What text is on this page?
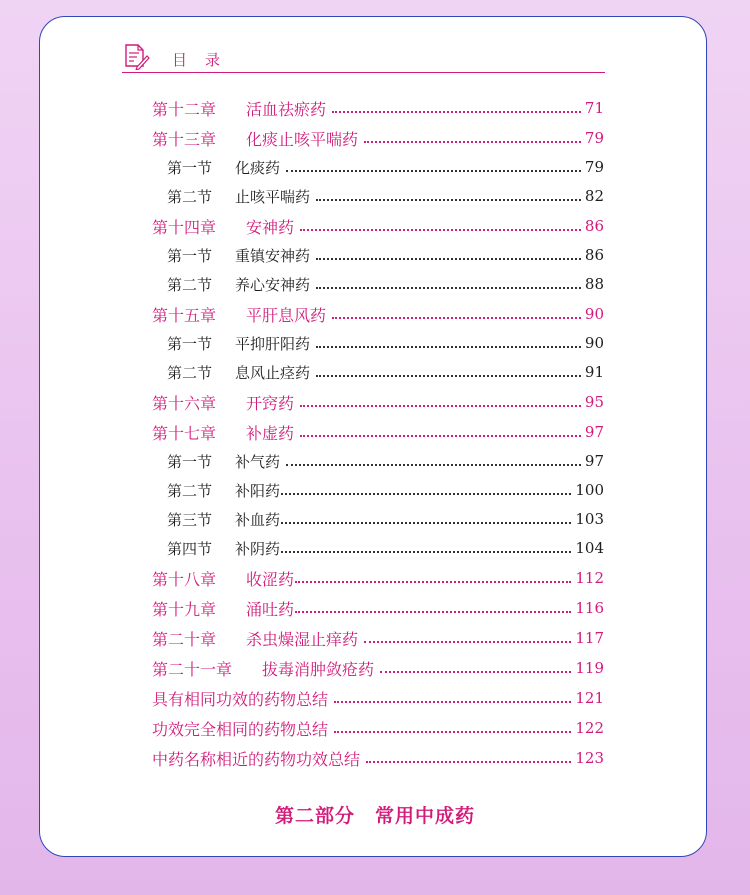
目录
第十二章	活血祛瘀药	71
第十三章	化痰止咳平喘药	79
第一节	化痰药	79
第二节	止咳平喘药	82
第十四章	安神药	86
第一节	重镇安神药	86
第二节	养心安神药	88
第十五章	平肝息风药	90
第一节	平抑肝阳药	90
第二节	息风止痉药	91
第十六章	开窍药	95
第十七章	补虚药	97
第一节	补气药	97
第二节	补阳药	100
第三节	补血药	103
第四节	补阴药	104
第十八章	收涩药	112
第十九章	涌吐药	116
第二十章	杀虫燥湿止痒药	117
第二十一章	拔毒消肿敛疮药	119
具有相同功效的药物总结	121
功效完全相同的药物总结	122
中药名称相近的药物功效总结	123
第二部分　常用中成药
